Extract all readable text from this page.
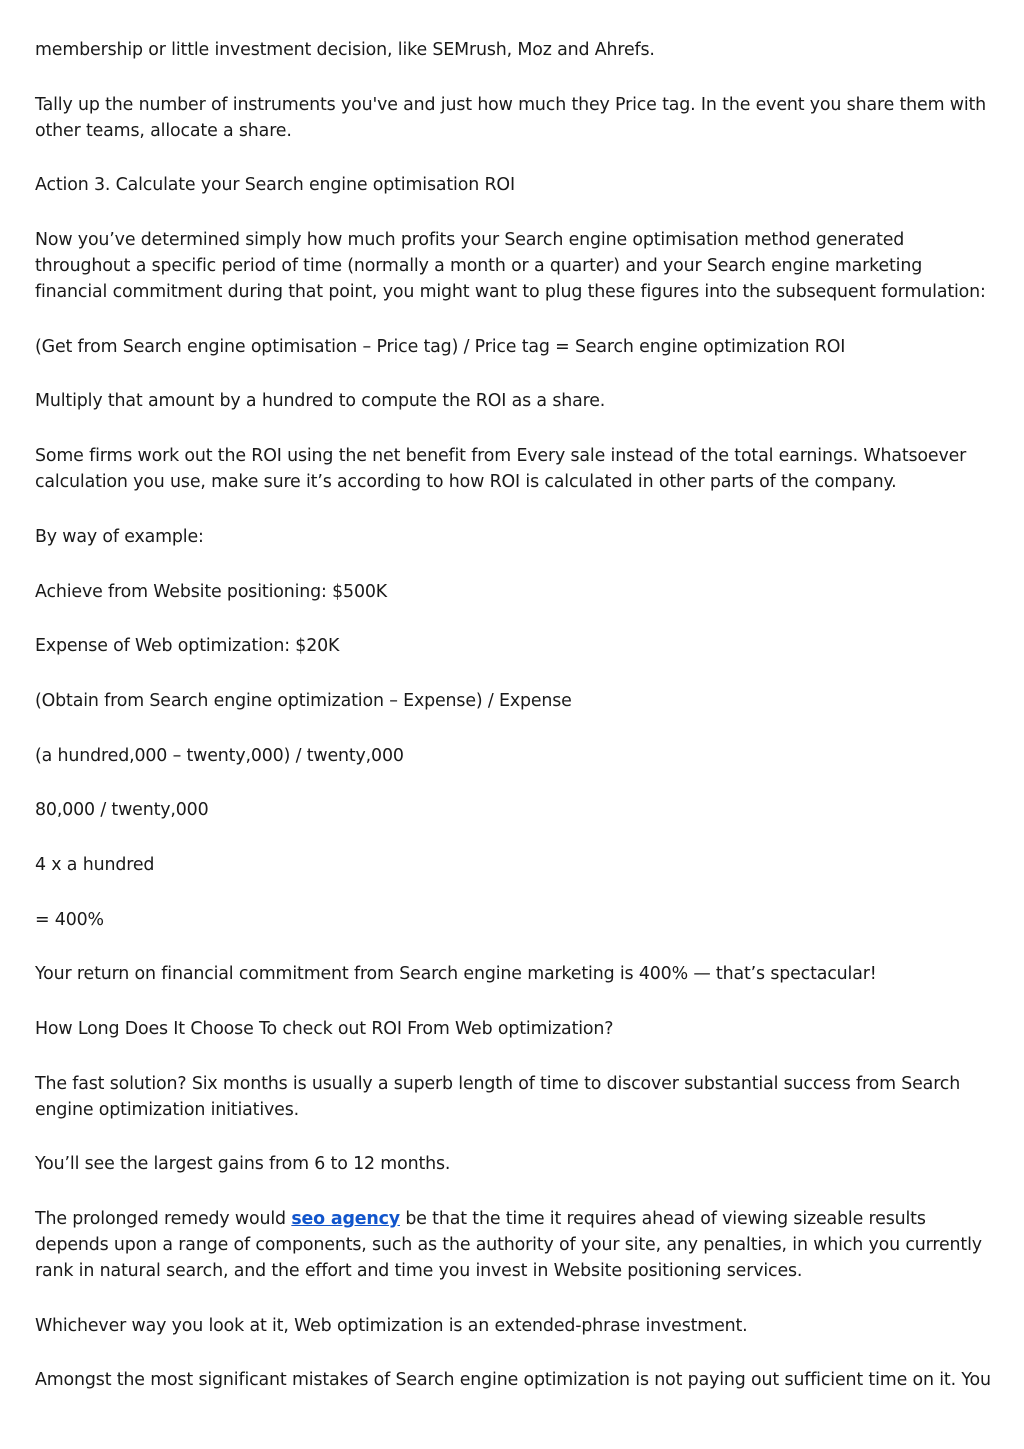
membership or little investment decision, like SEMrush, Moz and Ahrefs.

Tally up the number of instruments you've and just how much they Price tag. In the event you share them with other teams, allocate a share.

Action 3. Calculate your Search engine optimisation ROI

Now you’ve determined simply how much profits your Search engine optimisation method generated throughout a specific period of time (normally a month or a quarter) and your Search engine marketing financial commitment during that point, you might want to plug these figures into the subsequent formulation:

(Get from Search engine optimisation – Price tag) / Price tag = Search engine optimization ROI

Multiply that amount by a hundred to compute the ROI as a share.

Some firms work out the ROI using the net benefit from Every sale instead of the total earnings. Whatsoever calculation you use, make sure it’s according to how ROI is calculated in other parts of the company.

By way of example:

Achieve from Website positioning: $500K

Expense of Web optimization: $20K

(Obtain from Search engine optimization – Expense) / Expense

(a hundred,000 – twenty,000) / twenty,000

80,000 / twenty,000

4 x a hundred

= 400%

Your return on financial commitment from Search engine marketing is 400% — that’s spectacular!

How Long Does It Choose To check out ROI From Web optimization?

The fast solution? Six months is usually a superb length of time to discover substantial success from Search engine optimization initiatives.

You’ll see the largest gains from 6 to 12 months.

The prolonged remedy would seo agency be that the time it requires ahead of viewing sizeable results depends upon a range of components, such as the authority of your site, any penalties, in which you currently rank in natural search, and the effort and time you invest in Website positioning services.

Whichever way you look at it, Web optimization is an extended-phrase investment.

Amongst the most significant mistakes of Search engine optimization is not paying out sufficient time on it. You
